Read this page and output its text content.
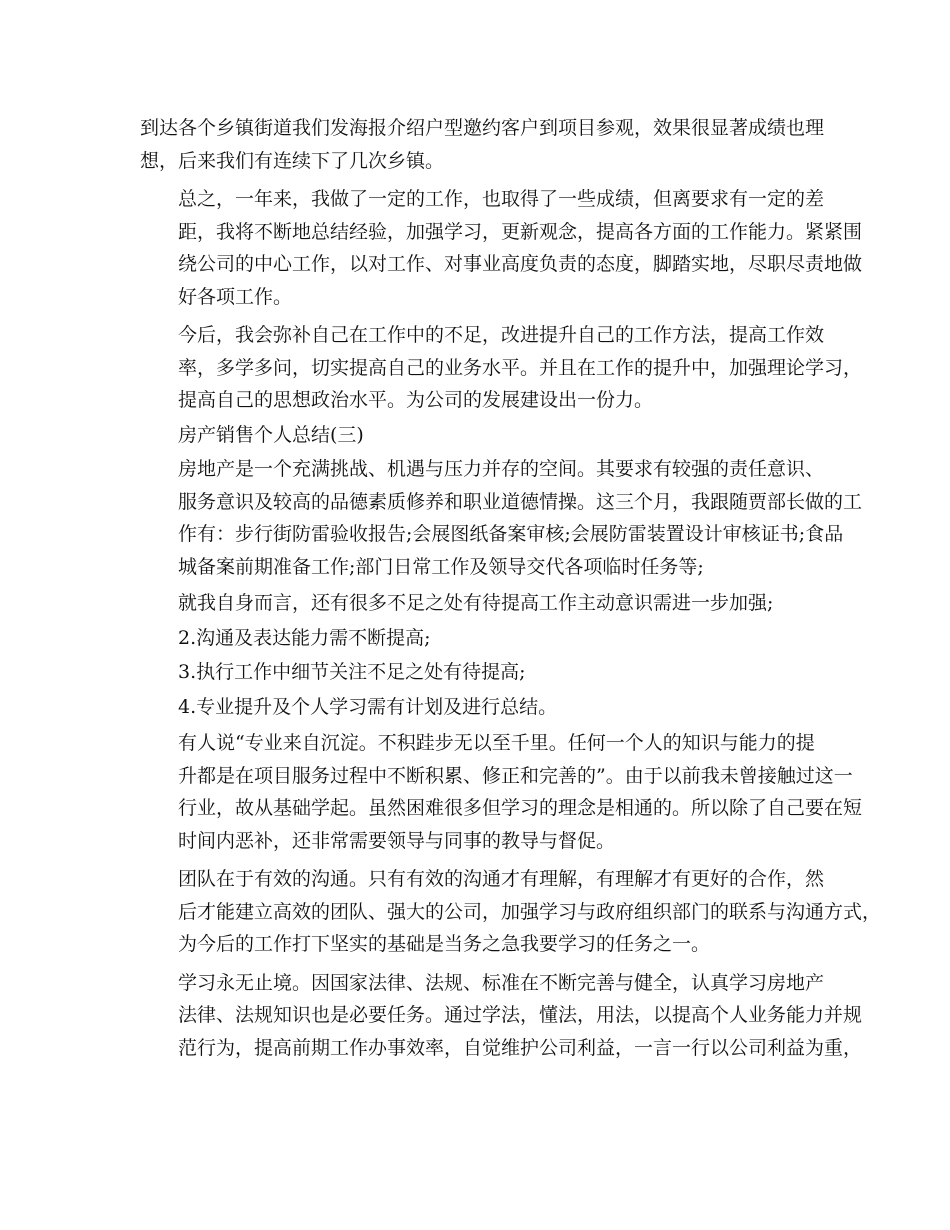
到达各个乡镇街道我们发海报介绍户型邀约客户到项目参观，效果很显著成绩也理
想，后来我们有连续下了几次乡镇。

总之，一年来，我做了一定的工作，也取得了一些成绩，但离要求有一定的差
距，我将不断地总结经验，加强学习，更新观念，提高各方面的工作能力。紧紧围
绕公司的中心工作，以对工作、对事业高度负责的态度，脚踏实地，尽职尽责地做
好各项工作。

今后，我会弥补自己在工作中的不足，改进提升自己的工作方法，提高工作效
率，多学多问，切实提高自己的业务水平。并且在工作的提升中，加强理论学习，
提高自己的思想政治水平。为公司的发展建设出一份力。

房产销售个人总结(三)

房地产是一个充满挑战、机遇与压力并存的空间。其要求有较强的责任意识、
服务意识及较高的品德素质修养和职业道德情操。这三个月，我跟随贾部长做的工
作有：步行街防雷验收报告;会展图纸备案审核;会展防雷装置设计审核证书;食品
城备案前期准备工作;部门日常工作及领导交代各项临时任务等;

就我自身而言，还有很多不足之处有待提高工作主动意识需进一步加强;

2.沟通及表达能力需不断提高;

3.执行工作中细节关注不足之处有待提高;

4.专业提升及个人学习需有计划及进行总结。

有人说“专业来自沉淀。不积跬步无以至千里。任何一个人的知识与能力的提
升都是在项目服务过程中不断积累、修正和完善的”。由于以前我未曾接触过这一
行业，故从基础学起。虽然困难很多但学习的理念是相通的。所以除了自己要在短
时间内恶补，还非常需要领导与同事的教导与督促。

团队在于有效的沟通。只有有效的沟通才有理解，有理解才有更好的合作，然
后才能建立高效的团队、强大的公司，加强学习与政府组织部门的联系与沟通方式，
为今后的工作打下坚实的基础是当务之急我要学习的任务之一。

学习永无止境。因国家法律、法规、标准在不断完善与健全，认真学习房地产
法律、法规知识也是必要任务。通过学法，懂法，用法，以提高个人业务能力并规
范行为，提高前期工作办事效率，自觉维护公司利益，一言一行以公司利益为重，
